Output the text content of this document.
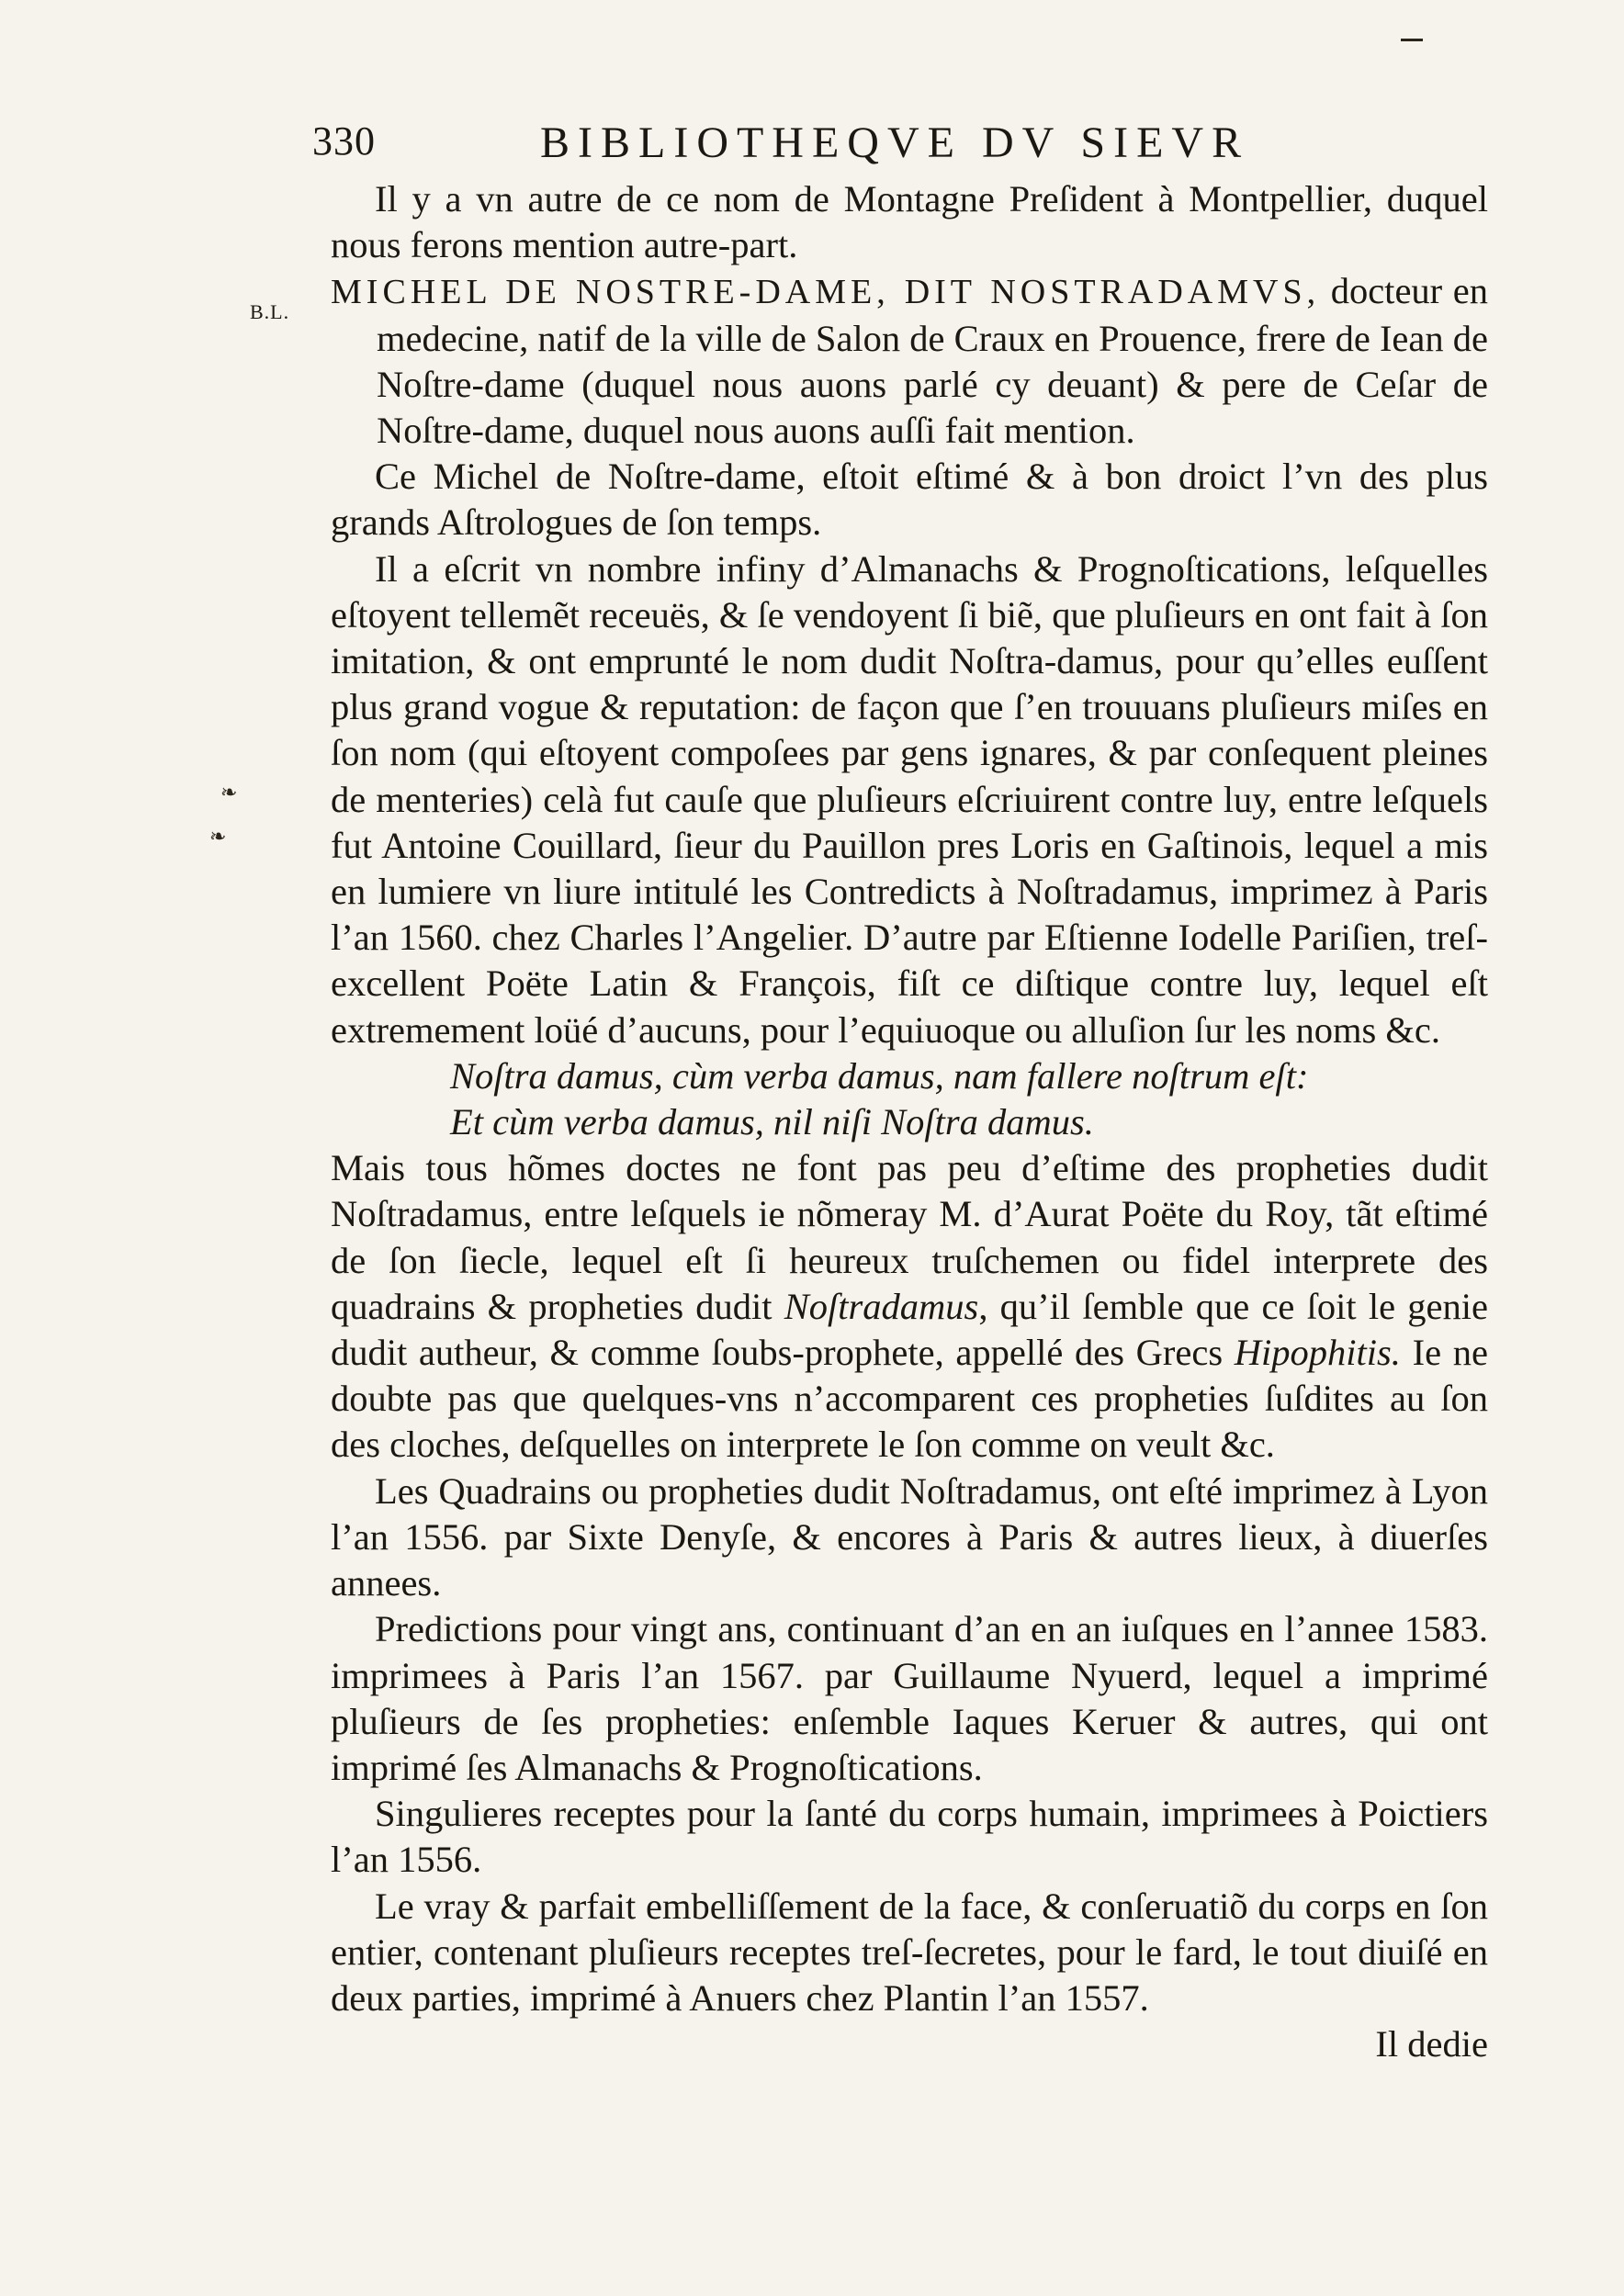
330	BIBLIOTHEQVE DV SIEVR
B.L.
❧
❧

Il y a vn autre de ce nom de Montagne Preſident à Montpellier, duquel nous ferons mention autre-part.

MICHEL DE NOSTRE-DAME, DIT NOSTRADAMVS, docteur en medecine, natif de la ville de Salon de Craux en Prouence, frere de Iean de Noſtre-dame (duquel nous auons parlé cy deuant) & pere de Ceſar de Noſtre-dame, duquel nous auons auſſi fait mention.

Ce Michel de Noſtre-dame, eſtoit eſtimé & à bon droict l’vn des plus grands Aſtrologues de ſon temps.

Il a eſcrit vn nombre infiny d’Almanachs & Prognoſtications, leſquelles eſtoyent tellemẽt receuës, & ſe vendoyent ſi biẽ, que pluſieurs en ont fait à ſon imitation, & ont emprunté le nom dudit Noſtra-damus, pour qu’elles euſſent plus grand vogue & reputation: de façon que ſ’en trouuans pluſieurs miſes en ſon nom (qui eſtoyent compoſees par gens ignares, & par conſequent pleines de menteries) celà fut cauſe que pluſieurs eſcriuirent contre luy, entre leſquels fut Antoine Couillard, ſieur du Pauillon pres Loris en Gaſtinois, lequel a mis en lumiere vn liure intitulé les Contredicts à Noſtradamus, imprimez à Paris l’an 1560. chez Charles l’Angelier. D’autre par Eſtienne Iodelle Pariſien, treſ-excellent Poëte Latin & François, fiſt ce diſtique contre luy, lequel eſt extremement loüé d’aucuns, pour l’equiuoque ou alluſion ſur les noms &c.

Noſtra damus, cùm verba damus, nam fallere noſtrum eſt:

Et cùm verba damus, nil niſi Noſtra damus.

Mais tous hõmes doctes ne font pas peu d’eſtime des propheties dudit Noſtradamus, entre leſquels ie nõmeray M. d’Aurat Poëte du Roy, tãt eſtimé de ſon ſiecle, lequel eſt ſi heureux truſchemen ou fidel interprete des quadrains & propheties dudit Noſtradamus, qu’il ſemble que ce ſoit le genie dudit autheur, & comme ſoubs-prophete, appellé des Grecs Hipophitis. Ie ne doubte pas que quelques-vns n’accomparent ces propheties ſuſdites au ſon des cloches, deſquelles on interprete le ſon comme on veult &c.

Les Quadrains ou propheties dudit Noſtradamus, ont eſté imprimez à Lyon l’an 1556. par Sixte Denyſe, & encores à Paris & autres lieux, à diuerſes annees.

Predictions pour vingt ans, continuant d’an en an iuſques en l’annee 1583. imprimees à Paris l’an 1567. par Guillaume Nyuerd, lequel a imprimé pluſieurs de ſes propheties: enſemble Iaques Keruer & autres, qui ont imprimé ſes Almanachs & Prognoſtications.

Singulieres receptes pour la ſanté du corps humain, imprimees à Poictiers l’an 1556.

Le vray & parfait embelliſſement de la face, & conſeruatiõ du corps en ſon entier, contenant pluſieurs receptes treſ-ſecretes, pour le fard, le tout diuiſé en deux parties, imprimé à Anuers chez Plantin l’an 1557.

Il dedie
